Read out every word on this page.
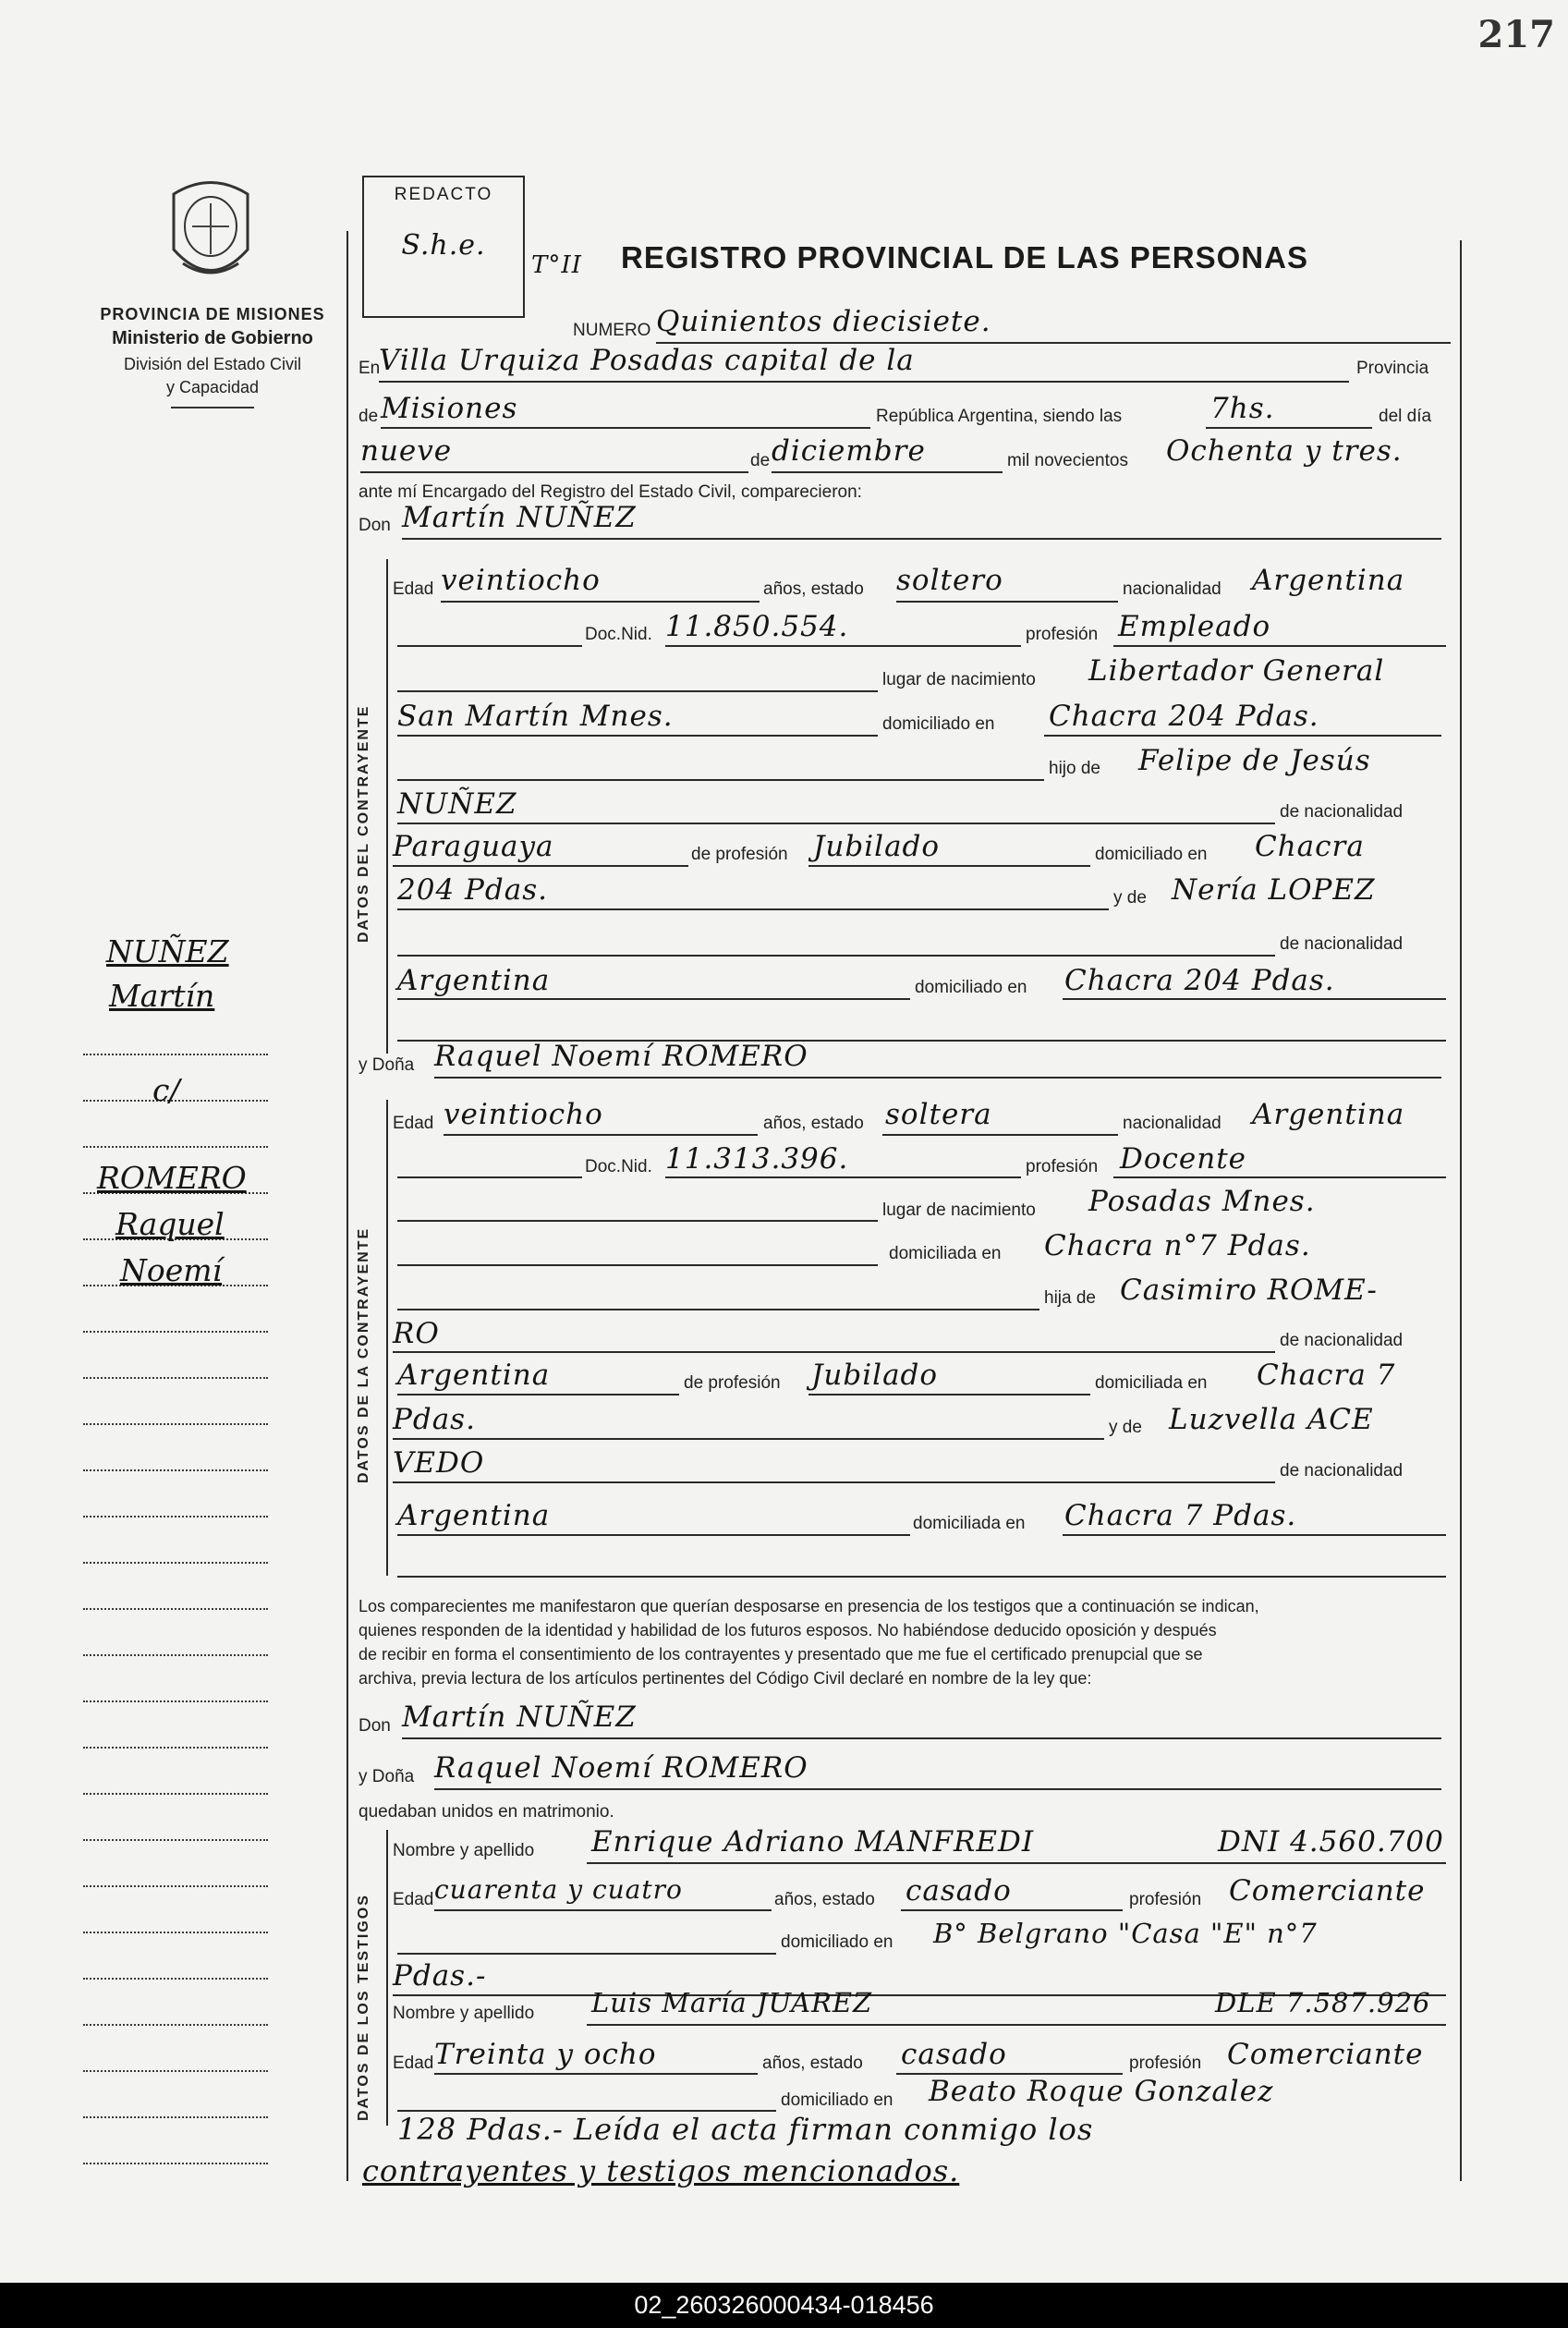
217
PROVINCIA DE MISIONES
Ministerio de Gobierno
División del Estado Civil
y Capacidad
NUÑEZ
Martín
c/
ROMERO
Raquel
Noemí
REDACTO
S.h.e.
T°II REGISTRO PROVINCIAL DE LAS PERSONAS
NUMERO Quinientos diecisiete.
En
Villa Urquiza Posadas capital de la	Provincia
de Misiones	República Argentina, siendo las	7hs.	del día
nueve	de diciembre	mil novecientos Ochenta y tres.
ante mí Encargado del Registro del Estado Civil, comparecieron:
Don Martín NUÑEZ
DATOS DEL CONTRAYENTE
Edad veintiocho	años, estado soltero	nacionalidad Argentina
Doc.Nid. 11.850.554.	profesión Empleado
lugar de nacimiento Libertador General
San Martín Mnes.	domiciliado en Chacra 204 Pdas.
hijo de Felipe de Jesús
NUÑEZ	de nacionalidad
Paraguaya	de profesión Jubilado	domiciliado en Chacra
204 Pdas.	y de Nería LOPEZ
de nacionalidad
Argentina	domiciliado en Chacra 204 Pdas.
y Doña Raquel Noemí ROMERO
DATOS DE LA CONTRAYENTE
Edad veintiocho	años, estado soltera	nacionalidad Argentina
Doc.Nid. 11.313.396.	profesión Docente
lugar de nacimiento Posadas Mnes.
domiciliada en Chacra n°7 Pdas.
hija de Casimiro ROME-
RO	de nacionalidad
Argentina	de profesión Jubilado	domiciliada en Chacra 7
Pdas.	y de Luzvella ACE
VEDO	de nacionalidad
Argentina	domiciliada en Chacra 7 Pdas.
Los comparecientes me manifestaron que querían desposarse en presencia de los testigos que a continuación se indican,
quienes responden de la identidad y habilidad de los futuros esposos. No habiéndose deducido oposición y después
de recibir en forma el consentimiento de los contrayentes y presentado que me fue el certificado prenupcial que se
archiva, previa lectura de los artículos pertinentes del Código Civil declaré en nombre de la ley que:
Don Martín NUÑEZ
y Doña Raquel Noemí ROMERO
quedaban unidos en matrimonio.
DATOS DE LOS TESTIGOS
Nombre y apellido Enrique Adriano MANFREDI	DNI 4.560.700
Edad cuarenta y cuatro	años, estado casado	profesión Comerciante
domiciliado en B° Belgrano "Casa "E" n°7
Pdas.-
Nombre y apellido Luis María JUAREZ	DLE 7.587.926
Edad Treinta y ocho	años, estado casado	profesión Comerciante
domiciliado en Beato Roque Gonzalez
128 Pdas.- Leída el acta firman conmigo los
contrayentes y testigos mencionados.
02_260326000434-018456
